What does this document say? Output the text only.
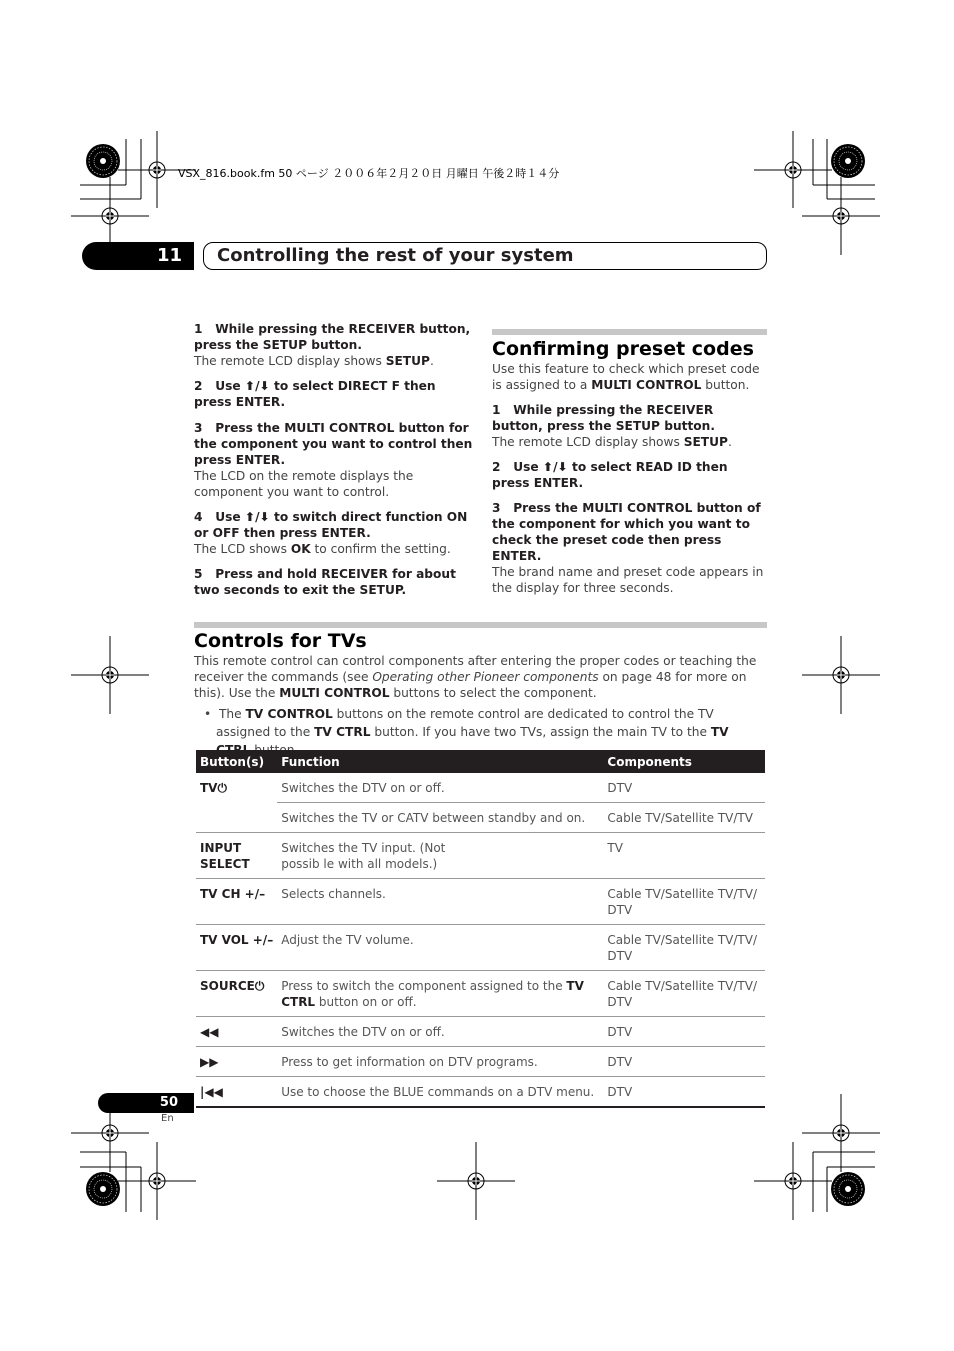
VSX_816.book.fm 50 ページ ２００６年２月２０日 月曜日 午後２時１４分
11	Controlling the rest of your system
1 While pressing the RECEIVER button, press the SETUP button.
The remote LCD display shows SETUP.
2 Use ⬆/⬇ to select DIRECT F then press ENTER.
3 Press the MULTI CONTROL button for the component you want to control then press ENTER.
The LCD on the remote displays the component you want to control.
4 Use ⬆/⬇ to switch direct function ON or OFF then press ENTER.
The LCD shows OK to confirm the setting.
5 Press and hold RECEIVER for about two seconds to exit the SETUP.
Confirming preset codes
Use this feature to check which preset code is assigned to a MULTI CONTROL button.
1 While pressing the RECEIVER button, press the SETUP button.
The remote LCD display shows SETUP.
2 Use ⬆/⬇ to select READ ID then press ENTER.
3 Press the MULTI CONTROL button of the component for which you want to check the preset code then press ENTER.
The brand name and preset code appears in the display for three seconds.
Controls for TVs
This remote control can control components after entering the proper codes or teaching the receiver the commands (see Operating other Pioneer components on page 48 for more on this). Use the MULTI CONTROL buttons to select the component.
•  The TV CONTROL buttons on the remote control are dedicated to control the TV assigned to the TV CTRL button. If you have two TVs, assign the main TV to the TV
Button(s)	Function	Components
TV⏻	Switches the DTV on or off.	DTV
	Switches the TV or CATV between standby and on.	Cable TV/Satellite TV/TV
INPUT SELECT	Switches the TV input. (Not possib le with all models.)	TV
TV CH +/–	Selects channels.	Cable TV/Satellite TV/TV/ DTV
TV VOL +/–	Adjust the TV volume.	Cable TV/Satellite TV/TV/ DTV
SOURCE⏻	Press to switch the component assigned to the TV CTRL button on or off.	Cable TV/Satellite TV/TV/ DTV
◀◀	Switches the DTV on or off.	DTV
▶▶	Press to get information on DTV programs.	DTV
|◀◀	Use to choose the BLUE commands on a DTV menu.	DTV
50
En
